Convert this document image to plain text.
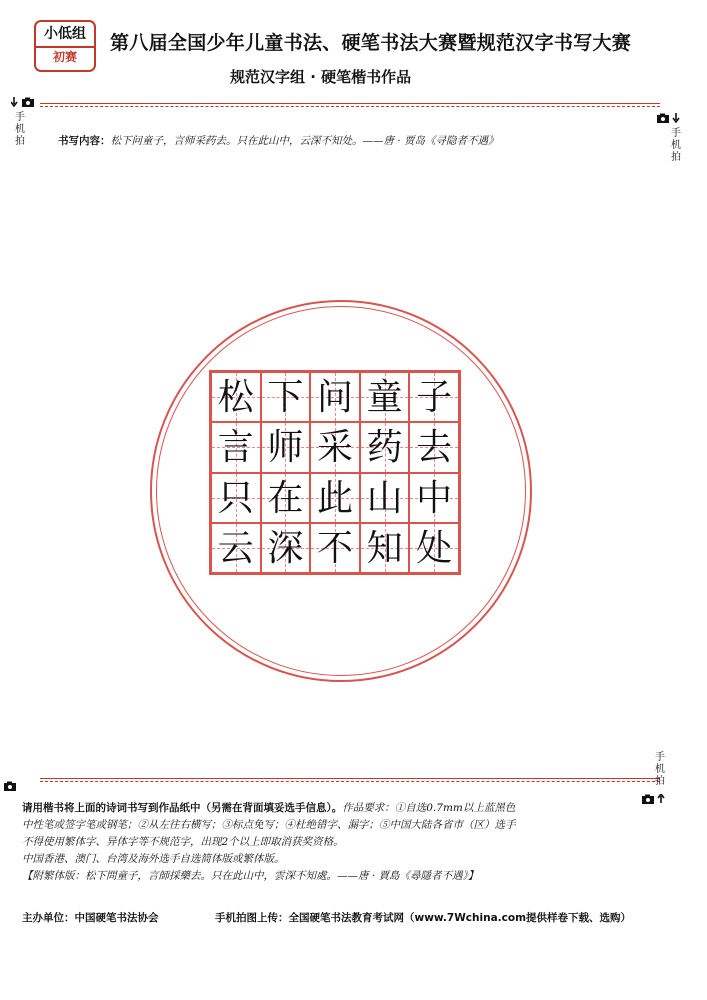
小低组
初赛
第八届全国少年儿童书法、硬笔书法大赛暨规范汉字书写大赛
规范汉字组 · 硬笔楷书作品
手机拍
手机拍
书写内容：松下问童子，言师采药去。只在此山中，云深不知处。——唐 · 贾岛《寻隐者不遇》
松 下 问 童 子
言 师 采 药 去
只 在 此 山 中
云 深 不 知 处
手机拍
请用楷书将上面的诗词书写到作品纸中（另需在背面填妥选手信息）。作品要求：①自选0.7mm以上蓝黑色
中性笔或签字笔或钢笔；②从左往右横写；③标点免写；④杜绝错字、漏字；⑤中国大陆各省市（区）选手
不得使用繁体字、异体字等不规范字，出现2个以上即取消获奖资格。
中国香港、澳门、台湾及海外选手自选简体版或繁体版。
【附繁体版：松下問童子，言師採藥去。只在此山中，雲深不知處。——唐 · 賈島《尋隱者不遇》】
主办单位：中国硬笔书法协会	手机拍图上传：全国硬笔书法教育考试网（www.7Wchina.com提供样卷下载、选购）
